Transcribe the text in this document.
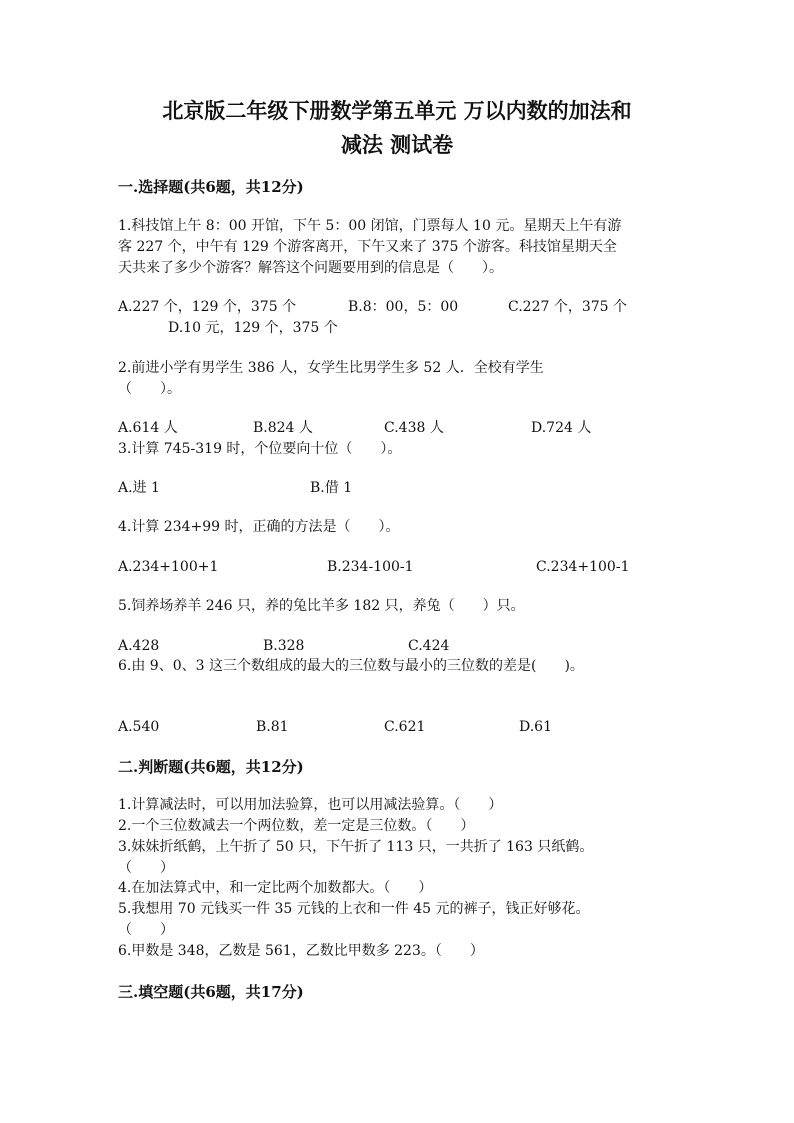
北京版二年级下册数学第五单元 万以内数的加法和
减法 测试卷
一.选择题(共6题，共12分)

1.科技馆上午 8：00 开馆，下午 5：00 闭馆，门票每人 10 元。星期天上午有游

客 227 个，中午有 129 个游客离开，下午又来了 375 个游客。科技馆星期天全

天共来了多少个游客？解答这个问题要用到的信息是（　　）。

A.227 个，129 个，375 个	B.8：00，5：00	C.227 个，375 个

D.10 元，129 个，375 个

2.前进小学有男学生 386 人，女学生比男学生多 52 人．全校有学生

（　　）。

A.614 人	B.824 人	C.438 人	D.724 人

3.计算 745-319 时，个位要向十位（　　）。

A.进 1	B.借 1

4.计算 234+99 时，正确的方法是（　　）。

A.234+100+1	B.234-100-1	C.234+100-1

5.饲养场养羊 246 只，养的兔比羊多 182 只，养兔（　　）只。

A.428	B.328	C.424

6.由 9、0、3 这三个数组成的最大的三位数与最小的三位数的差是(　　)。

A.540	B.81	C.621	D.61

二.判断题(共6题，共12分)

1.计算减法时，可以用加法验算，也可以用减法验算。（　　）

2.一个三位数减去一个两位数，差一定是三位数。（　　）

3.妹妹折纸鹤，上午折了 50 只，下午折了 113 只，一共折了 163 只纸鹤。

（　　）

4.在加法算式中，和一定比两个加数都大。（　　）

5.我想用 70 元钱买一件 35 元钱的上衣和一件 45 元的裤子，钱正好够花。

（　　）

6.甲数是 348，乙数是 561，乙数比甲数多 223。（　　）

三.填空题(共6题，共17分)
